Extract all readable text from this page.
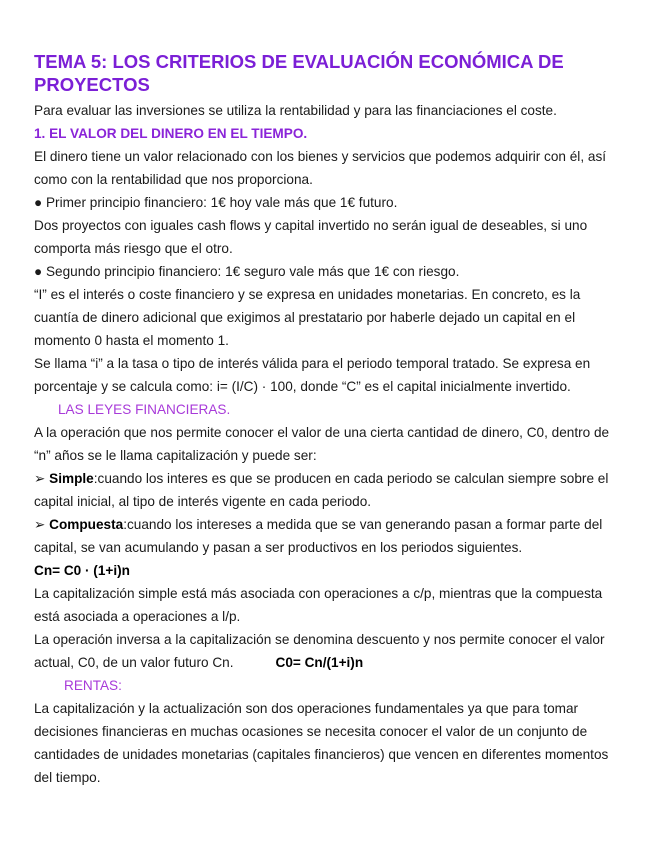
TEMA 5: LOS CRITERIOS DE EVALUACIÓN ECONÓMICA DE PROYECTOS

Para evaluar las inversiones se utiliza la rentabilidad y para las financiaciones el coste.

1. EL VALOR DEL DINERO EN EL TIEMPO.

El dinero tiene un valor relacionado con los bienes y servicios que podemos adquirir con él, así como con la rentabilidad que nos proporciona.

● Primer principio financiero: 1€ hoy vale más que 1€ futuro.

Dos proyectos con iguales cash flows y capital invertido no serán igual de deseables, si uno comporta más riesgo que el otro.

● Segundo principio financiero: 1€ seguro vale más que 1€ con riesgo.

“I” es el interés o coste financiero y se expresa en unidades monetarias. En concreto, es la cuantía de dinero adicional que exigimos al prestatario por haberle dejado un capital en el momento 0 hasta el momento 1.

Se llama “i” a la tasa o tipo de interés válida para el periodo temporal tratado. Se expresa en porcentaje y se calcula como: i= (I/C) · 100, donde “C” es el capital inicialmente invertido.

LAS LEYES FINANCIERAS.

A la operación que nos permite conocer el valor de una cierta cantidad de dinero, C0, dentro de “n” años se le llama capitalización y puede ser:

➢ Simple:cuando los interes es que se producen en cada periodo se calculan siempre sobre el capital inicial, al tipo de interés vigente en cada periodo.

➢ Compuesta:cuando los intereses a medida que se van generando pasan a formar parte del capital, se van acumulando y pasan a ser productivos en los periodos siguientes.

Cn= C0 · (1+i)n

La capitalización simple está más asociada con operaciones a c/p, mientras que la compuesta está asociada a operaciones a l/p.

La operación inversa a la capitalización se denomina descuento y nos permite conocer el valor actual, C0, de un valor futuro Cn.	C0= Cn/(1+i)n

RENTAS:

La capitalización y la actualización son dos operaciones fundamentales ya que para tomar decisiones financieras en muchas ocasiones se necesita conocer el valor de un conjunto de cantidades de unidades monetarias (capitales financieros) que vencen en diferentes momentos del tiempo.
